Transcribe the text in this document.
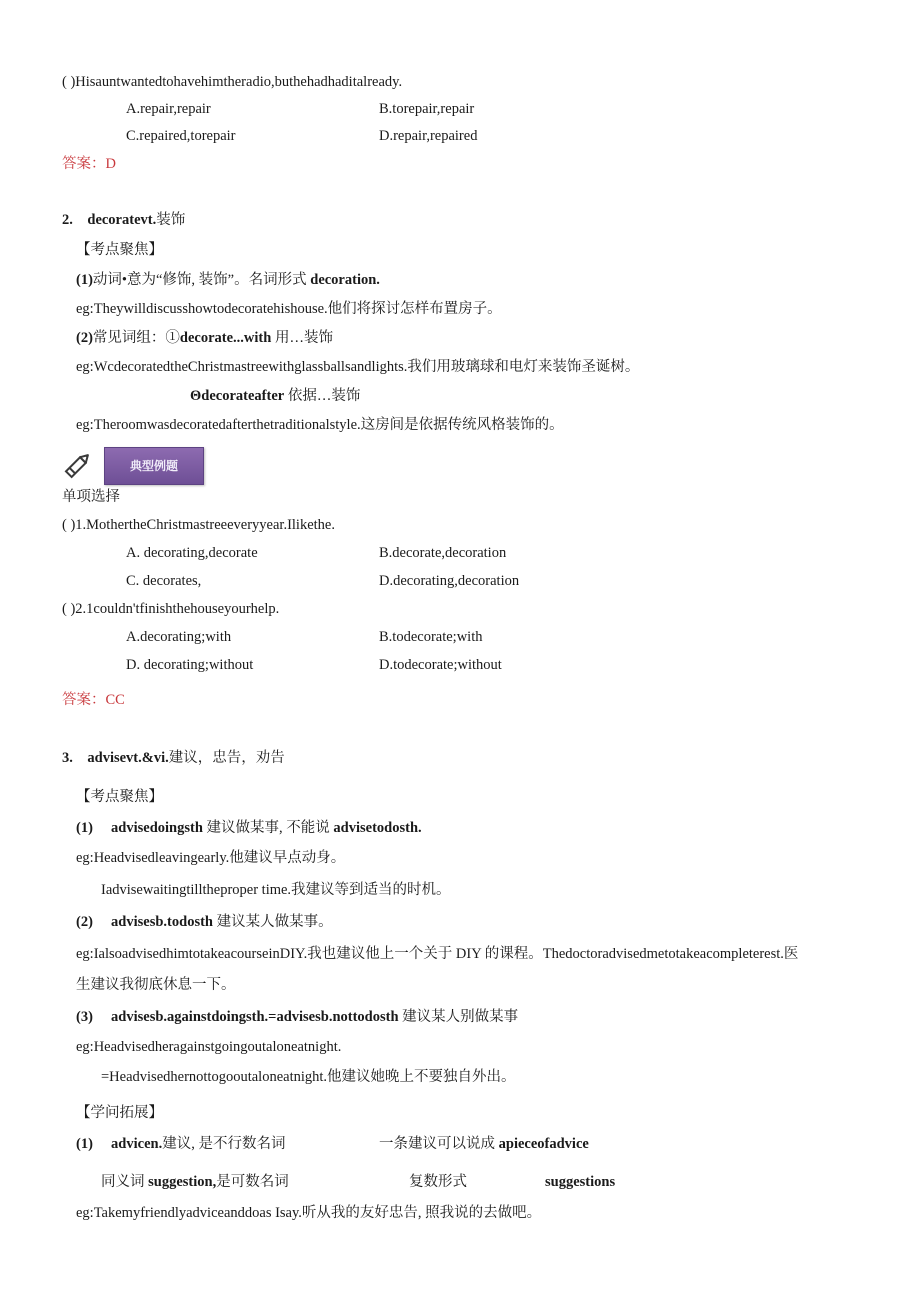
( )Hisauntwantedtohavehimtheradio,buthehadhaditalready.
A.repair,repair	B.torepair,repair
C.repaired,torepair	D.repair,repaired
答案：D
2. decoratevt.装饰
【考点聚焦】
(1)动词•意为“修饰, 装饰”。名词形式 decoration.
eg:Theywilldiscusshowtodecoratehishouse.他们将探讨怎样布置房子。
(2)常见词组：①decorate...with 用…装饰
eg:WcdecoratedtheChristmastreewithglassballsandlights.我们用玻璃球和电灯来装饰圣诞树。
Θdecorateafter 依据…装饰
eg:Theroomwasdecoratedafterthetraditionalstyle.这房间是依据传统风格装饰的。
典型例题
单项选择
( )1.MothertheChristmastreeeveryyear.Ilikethe.
A. decorating,decorate	B.decorate,decoration
C. decorates,	D.decorating,decoration
( )2.1couldn'tfinishthehouseyourhelp.
A.decorating;with	B.todecorate;with
D. decorating;without	D.todecorate;without
答案：CC
3. advisevt.&vi.建议，忠告，劝告
【考点聚焦】
(1) advisedoingsth 建议做某事, 不能说 advisetodosth.
eg:Headvisedleavingearly.他建议早点动身。
Iadvisewaitingtilltheproper time.我建议等到适当的时机。
(2) advisesb.todosth 建议某人做某事。
eg:IalsoadvisedhimtotakeacourseinDIY.我也建议他上一个关于 DIY 的课程。Thedoctoradvisedmetotakeacompleterest.医
生建议我彻底休息一下。
(3) advisesb.againstdoingsth.=advisesb.nottodosth 建议某人别做某事
eg:Headvisedheragainstgoingoutaloneatnight.
=Headvisedhernottogooutaloneatnight.他建议她晚上不要独自外出。
【学问拓展】
(1) advicen.建议, 是不行数名词	一条建议可以说成 apieceofadvice
同义词 suggestion,是可数名词	复数形式	suggestions
eg:Takemyfriendlyadviceanddoas Isay.听从我的友好忠告, 照我说的去做吧。
